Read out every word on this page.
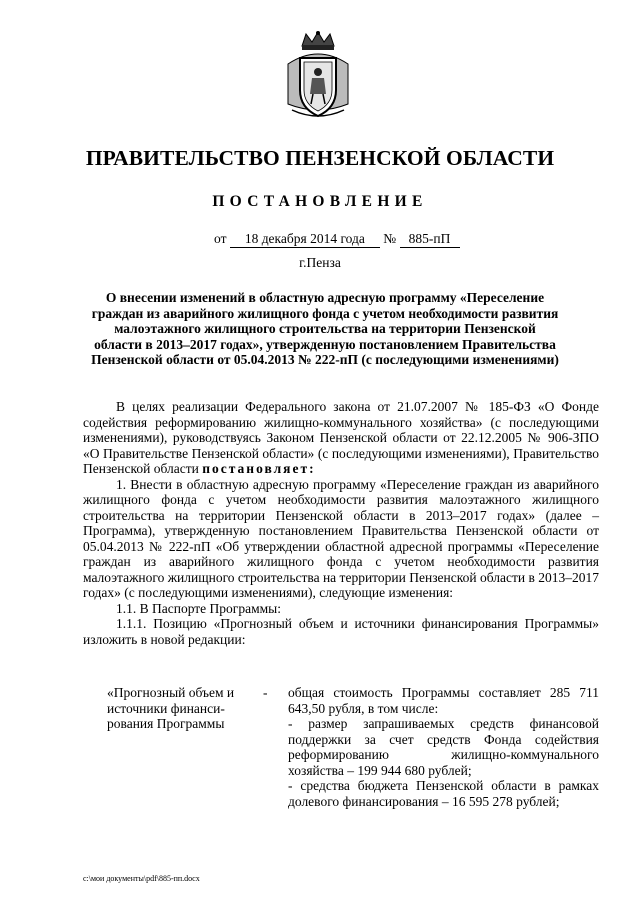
ПРАВИТЕЛЬСТВО ПЕНЗЕНСКОЙ ОБЛАСТИ
ПОСТАНОВЛЕНИЕ
от 18 декабря 2014 года № 885-пП
г.Пенза
О внесении изменений в областную адресную программу «Переселение граждан из аварийного жилищного фонда с учетом необходимости развития малоэтажного жилищного строительства на территории Пензенской области в 2013–2017 годах», утвержденную постановлением Правительства Пензенской области от 05.04.2013 № 222-пП (с последующими изменениями)

В целях реализации Федерального закона от 21.07.2007 № 185-ФЗ «О Фонде содействия реформированию жилищно-коммунального хозяйства» (с последующими изменениями), руководствуясь Законом Пензенской области от 22.12.2005 № 906-ЗПО «О Правительстве Пензенской области» (с последующими изменениями), Правительство Пензенской области постановляет:

1. Внести в областную адресную программу «Переселение граждан из аварийного жилищного фонда с учетом необходимости развития малоэтажного жилищного строительства на территории Пензенской области в 2013–2017 годах» (далее – Программа), утвержденную постановлением Правительства Пензенской области от 05.04.2013 № 222-пП «Об утверждении областной адресной программы «Переселение граждан из аварийного жилищного фонда с учетом необходимости развития малоэтажного жилищного строительства на территории Пензенской области в 2013–2017 годах» (с последующими изменениями), следующие изменения:

1.1. В Паспорте Программы:

1.1.1. Позицию «Прогнозный объем и источники финансирования Программы» изложить в новой редакции:

«Прогнозный объем и источники финанси-рования Программы
- общая стоимость Программы составляет 285 711 643,50 рубля, в том числе:

- размер запрашиваемых средств финансовой поддержки за счет средств Фонда содействия реформированию жилищно-коммунального хозяйства – 199 944 680 рублей;

- средства бюджета Пензенской области в рамках долевого финансирования – 16 595 278 рублей;

c:\мои документы\pdf\885-пп.docx
